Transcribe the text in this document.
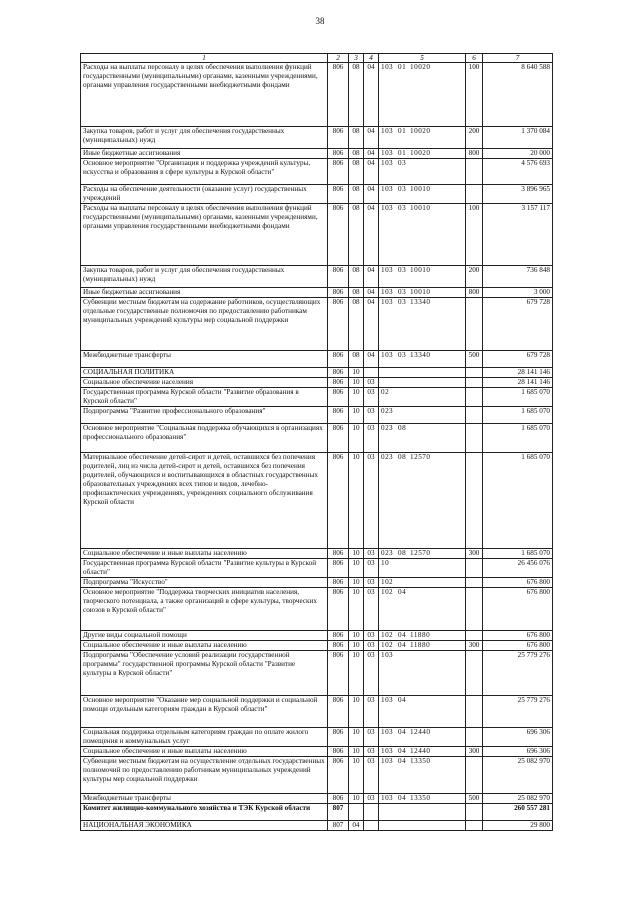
38
1	2	3	4	5	6	7
Расходы на выплаты персоналу в целях обеспечения выполнения функций государственными (муниципальными) органами, казенными учреждениями, органами управления государственными внебюджетными фондами	806	08	04	103 01 10020	100	8 640 588
Закупка товаров, работ и услуг для обеспечения государственных (муниципальных) нужд	806	08	04	103 01 10020	200	1 370 084
Иные бюджетные ассигнования	806	08	04	103 01 10020	800	20 000
Основное мероприятие "Организация и поддержка учреждений культуры, искусства и образования в сфере культуры в Курской области"	806	08	04	103 03		4 576 693
Расходы на обеспечение деятельности (оказание услуг) государственных учреждений	806	08	04	103 03 10010		3 896 965
Расходы на выплаты персоналу в целях обеспечения выполнения функций государственными (муниципальными) органами, казенными учреждениями, органами управления государственными внебюджетными фондами	806	08	04	103 03 10010	100	3 157 117
Закупка товаров, работ и услуг для обеспечения государственных (муниципальных) нужд	806	08	04	103 03 10010	200	736 848
Иные бюджетные ассигнования	806	08	04	103 03 10010	800	3 000
Субвенции местным бюджетам на содержание работников, осуществляющих отдельные государственные полномочия по предоставлению работникам муниципальных учреждений культуры мер социальной поддержки	806	08	04	103 03 13340		679 728
Межбюджетные трансферты	806	08	04	103 03 13340	500	679 728
СОЦИАЛЬНАЯ ПОЛИТИКА	806	10				28 141 146
Социальное обеспечение населения	806	10	03			28 141 146
Государственная программа Курской области "Развитие образования в Курской области"	806	10	03	02		1 685 070
Подпрограмма "Развитие профессионального образования"	806	10	03	023		1 685 070
Основное мероприятие "Социальная поддержка обучающихся в организациях профессионального образования"	806	10	03	023 08		1 685 070
Материальное обеспечение детей-сирот и детей, оставшихся без попечения родителей, лиц из числа детей-сирот и детей, оставшихся без попечения родителей, обучающихся и воспитывающихся в областных государственных образовательных учреждениях всех типов и видов, лечебно-профилактических учреждениях, учреждениях социального обслуживания Курской области	806	10	03	023 08 12570		1 685 070
Социальное обеспечение и иные выплаты населению	806	10	03	023 08 12570	300	1 685 070
Государственная программа Курской области "Развитие культуры в Курской области"	806	10	03	10		26 456 076
Подпрограмма "Искусство"	806	10	03	102		676 800
Основное мероприятие "Поддержка творческих инициатив населения, творческого потенциала, а также организаций в сфере культуры, творческих союзов в Курской области"	806	10	03	102 04		676 800
Другие виды социальной помощи	806	10	03	102 04 11880		676 800
Социальное обеспечение и иные выплаты населению	806	10	03	102 04 11880	300	676 800
Подпрограмма "Обеспечение условий реализации государственной программы" государственной программы Курской области "Развитие культуры в Курской области"	806	10	03	103		25 779 276
Основное мероприятие "Оказание мер социальной поддержки и социальной помощи отдельным категориям граждан в Курской области"	806	10	03	103 04		25 779 276
Социальная поддержка отдельным категориям граждан по оплате жилого помещения и коммунальных услуг	806	10	03	103 04 12440		696 306
Социальное обеспечение и иные выплаты населению	806	10	03	103 04 12440	300	696 306
Субвенции местным бюджетам на осуществление отдельных государственных полномочий по предоставлению работникам муниципальных учреждений культуры мер социальной поддержки	806	10	03	103 04 13350		25 082 970
Межбюджетные трансферты	806	10	03	103 04 13350	500	25 082 970
Комитет жилищно-коммунального хозяйства и ТЭК Курской области	807					260 557 281
НАЦИОНАЛЬНАЯ ЭКОНОМИКА	807	04				29 800
